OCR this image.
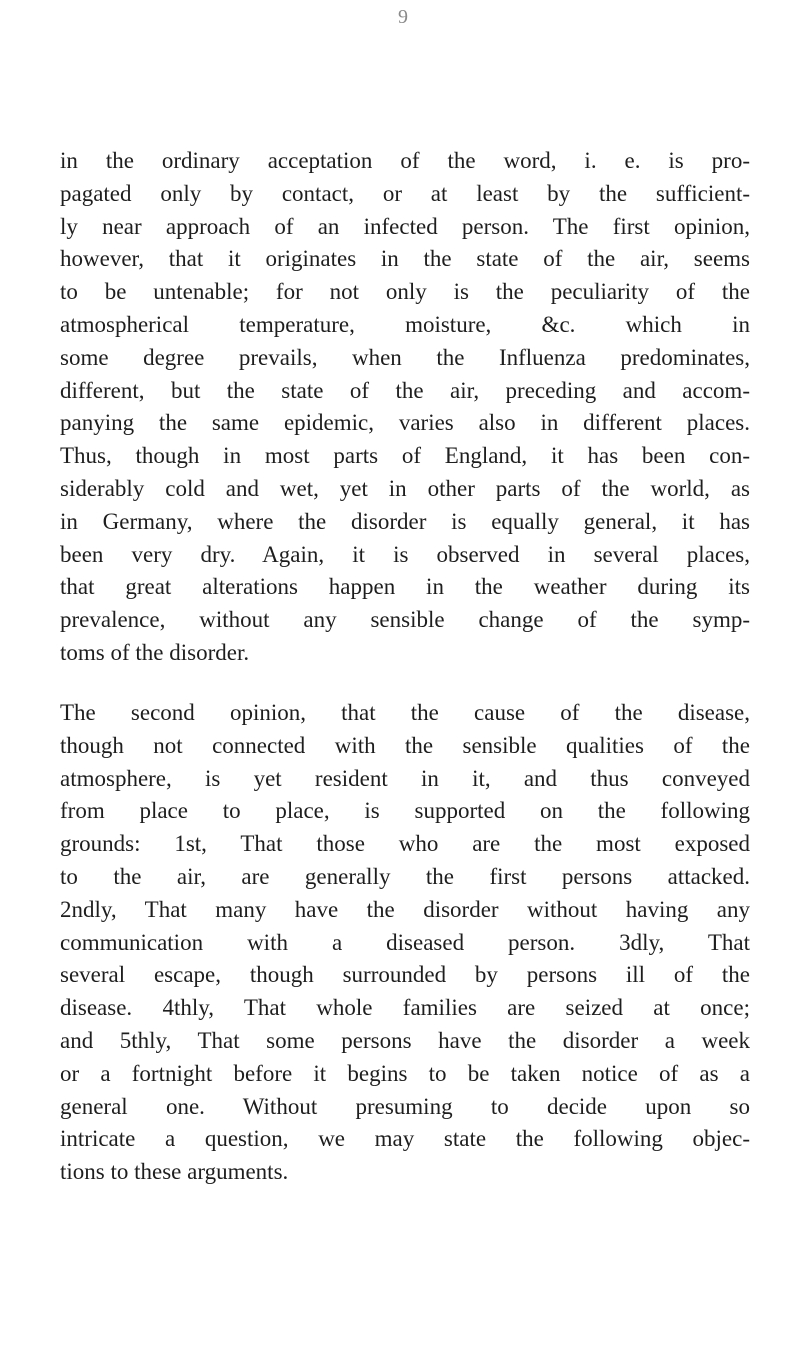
9
in the ordinary acceptation of the word, i. e. is pro-
pagated only by contact, or at least by the sufficient-
ly near approach of an infected person. The first opinion,
however, that it originates in the state of the air, seems
to be untenable; for not only is the peculiarity of the
atmospherical temperature, moisture, &c. which in
some degree prevails, when the Influenza predominates,
different, but the state of the air, preceding and accom-
panying the same epidemic, varies also in different places.
Thus, though in most parts of England, it has been con-
siderably cold and wet, yet in other parts of the world, as
in Germany, where the disorder is equally general, it has
been very dry. Again, it is observed in several places,
that great alterations happen in the weather during its
prevalence, without any sensible change of the symp-
toms of the disorder.
The second opinion, that the cause of the disease,
though not connected with the sensible qualities of the
atmosphere, is yet resident in it, and thus conveyed
from place to place, is supported on the following
grounds: 1st, That those who are the most exposed
to the air, are generally the first persons attacked.
2ndly, That many have the disorder without having any
communication with a diseased person. 3dly, That
several escape, though surrounded by persons ill of the
disease. 4thly, That whole families are seized at once;
and 5thly, That some persons have the disorder a week
or a fortnight before it begins to be taken notice of as a
general one. Without presuming to decide upon so
intricate a question, we may state the following objec-
tions to these arguments.
